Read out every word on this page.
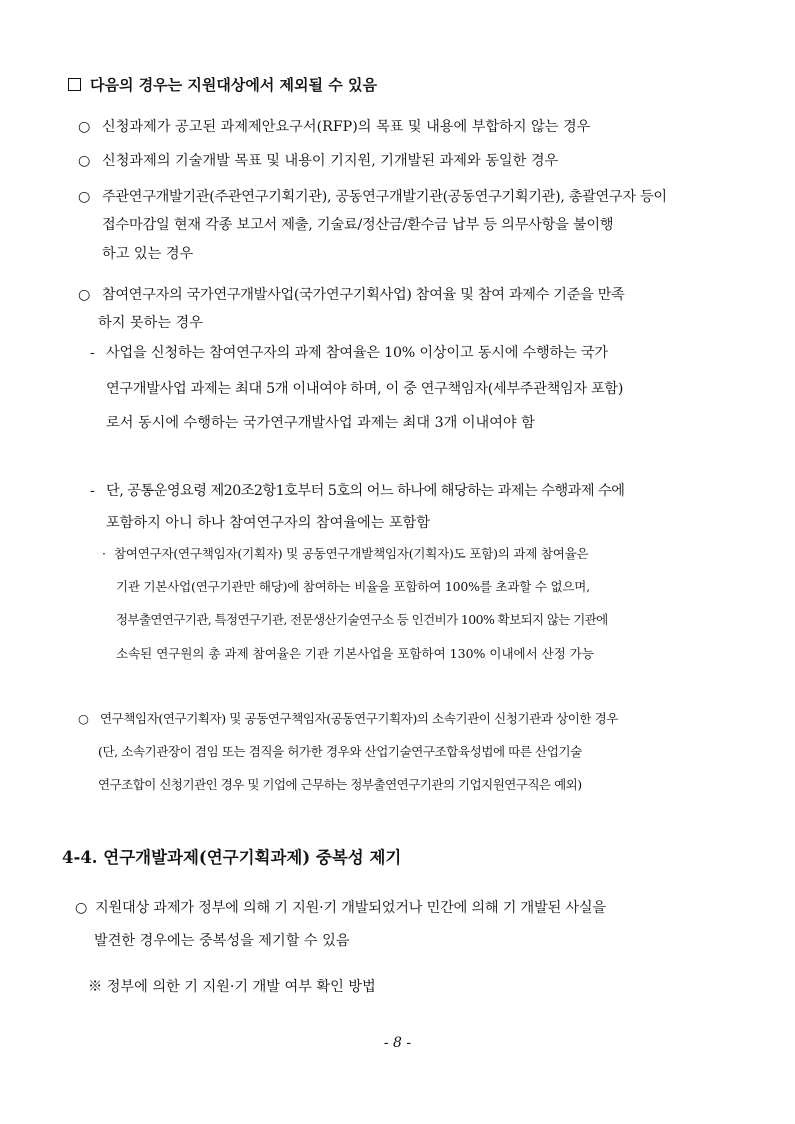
다음의 경우는 지원대상에서 제외될 수 있음
○ 신청과제가 공고된 과제제안요구서(RFP)의 목표 및 내용에 부합하지 않는 경우
○ 신청과제의 기술개발 목표 및 내용이 기지원, 기개발된 과제와 동일한 경우
○ 주관연구개발기관(주관연구기획기관), 공동연구개발기관(공동연구기획기관), 총괄연구자 등이
접수마감일 현재 각종 보고서 제출, 기술료/정산금/환수금 납부 등 의무사항을 불이행
하고 있는 경우
○ 참여연구자의 국가연구개발사업(국가연구기획사업) 참여율 및 참여 과제수 기준을 만족
하지 못하는 경우
- 사업을 신청하는 참여연구자의 과제 참여율은 10% 이상이고 동시에 수행하는 국가
연구개발사업 과제는 최대 5개 이내여야 하며, 이 중 연구책임자(세부주관책임자 포함)
로서 동시에 수행하는 국가연구개발사업 과제는 최대 3개 이내여야 함
- 단, 공통운영요령 제20조2항1호부터 5호의 어느 하나에 해당하는 과제는 수행과제 수에
포함하지 아니 하나 참여연구자의 참여율에는 포함함
· 참여연구자(연구책임자(기획자) 및 공동연구개발책임자(기획자)도 포함)의 과제 참여율은
기관 기본사업(연구기관만 해당)에 참여하는 비율을 포함하여 100%를 초과할 수 없으며,
정부출연연구기관, 특정연구기관, 전문생산기술연구소 등 인건비가 100% 확보되지 않는 기관에
소속된 연구원의 총 과제 참여율은 기관 기본사업을 포함하여 130% 이내에서 산정 가능
○ 연구책임자(연구기획자) 및 공동연구책임자(공동연구기획자)의 소속기관이 신청기관과 상이한 경우
(단, 소속기관장이 겸임 또는 겸직을 허가한 경우와 산업기술연구조합육성법에 따른 산업기술
연구조합이 신청기관인 경우 및 기업에 근무하는 정부출연연구기관의 기업지원연구직은 예외)
4-4. 연구개발과제(연구기획과제) 중복성 제기
○ 지원대상 과제가 정부에 의해 기 지원·기 개발되었거나 민간에 의해 기 개발된 사실을
발견한 경우에는 중복성을 제기할 수 있음
※ 정부에 의한 기 지원·기 개발 여부 확인 방법
- 8 -
